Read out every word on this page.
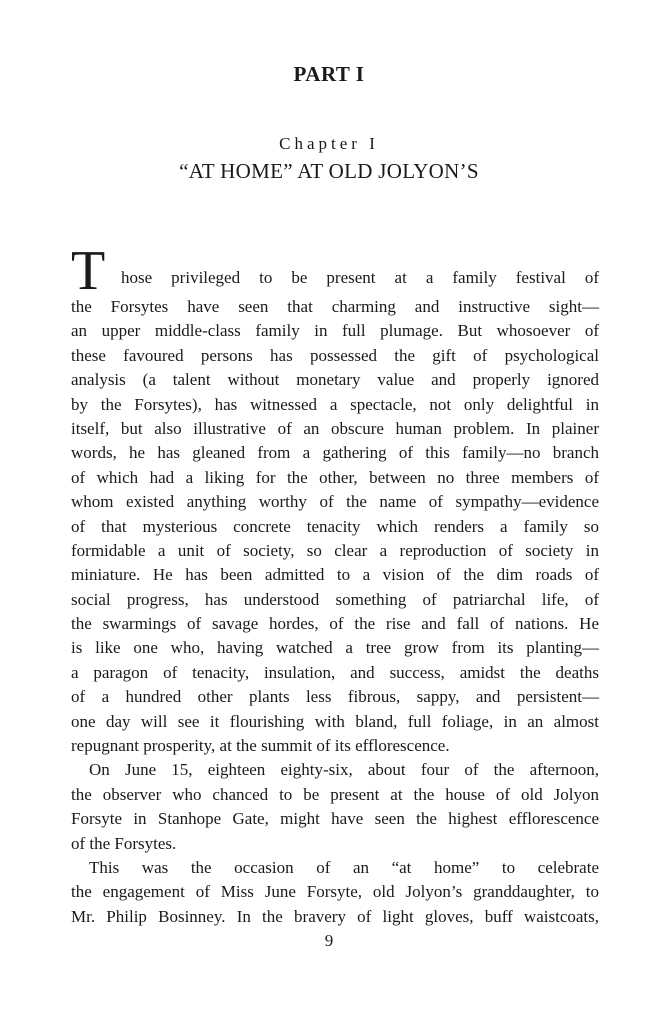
PART I
Chapter I
“AT HOME” AT OLD JOLYON’S
T hose privileged to be present at a family festival of
the Forsytes have seen that charming and instructive sight—
an upper middle-class family in full plumage. But whosoever of
these favoured persons has possessed the gift of psychological
analysis (a talent without monetary value and properly ignored
by the Forsytes), has witnessed a spectacle, not only delightful in
itself, but also illustrative of an obscure human problem. In plainer
words, he has gleaned from a gathering of this family—no branch
of which had a liking for the other, between no three members of
whom existed anything worthy of the name of sympathy—evidence
of that mysterious concrete tenacity which renders a family so
formidable a unit of society, so clear a reproduction of society in
miniature. He has been admitted to a vision of the dim roads of
social progress, has understood something of patriarchal life, of
the swarmings of savage hordes, of the rise and fall of nations. He
is like one who, having watched a tree grow from its planting—
a paragon of tenacity, insulation, and success, amidst the deaths
of a hundred other plants less fibrous, sappy, and persistent—
one day will see it flourishing with bland, full foliage, in an almost
repugnant prosperity, at the summit of its efflorescence.
On June 15, eighteen eighty-six, about four of the afternoon,
the observer who chanced to be present at the house of old Jolyon
Forsyte in Stanhope Gate, might have seen the highest efflorescence
of the Forsytes.
This was the occasion of an “at home” to celebrate
the engagement of Miss June Forsyte, old Jolyon’s granddaughter, to
Mr. Philip Bosinney. In the bravery of light gloves, buff waistcoats,
9
